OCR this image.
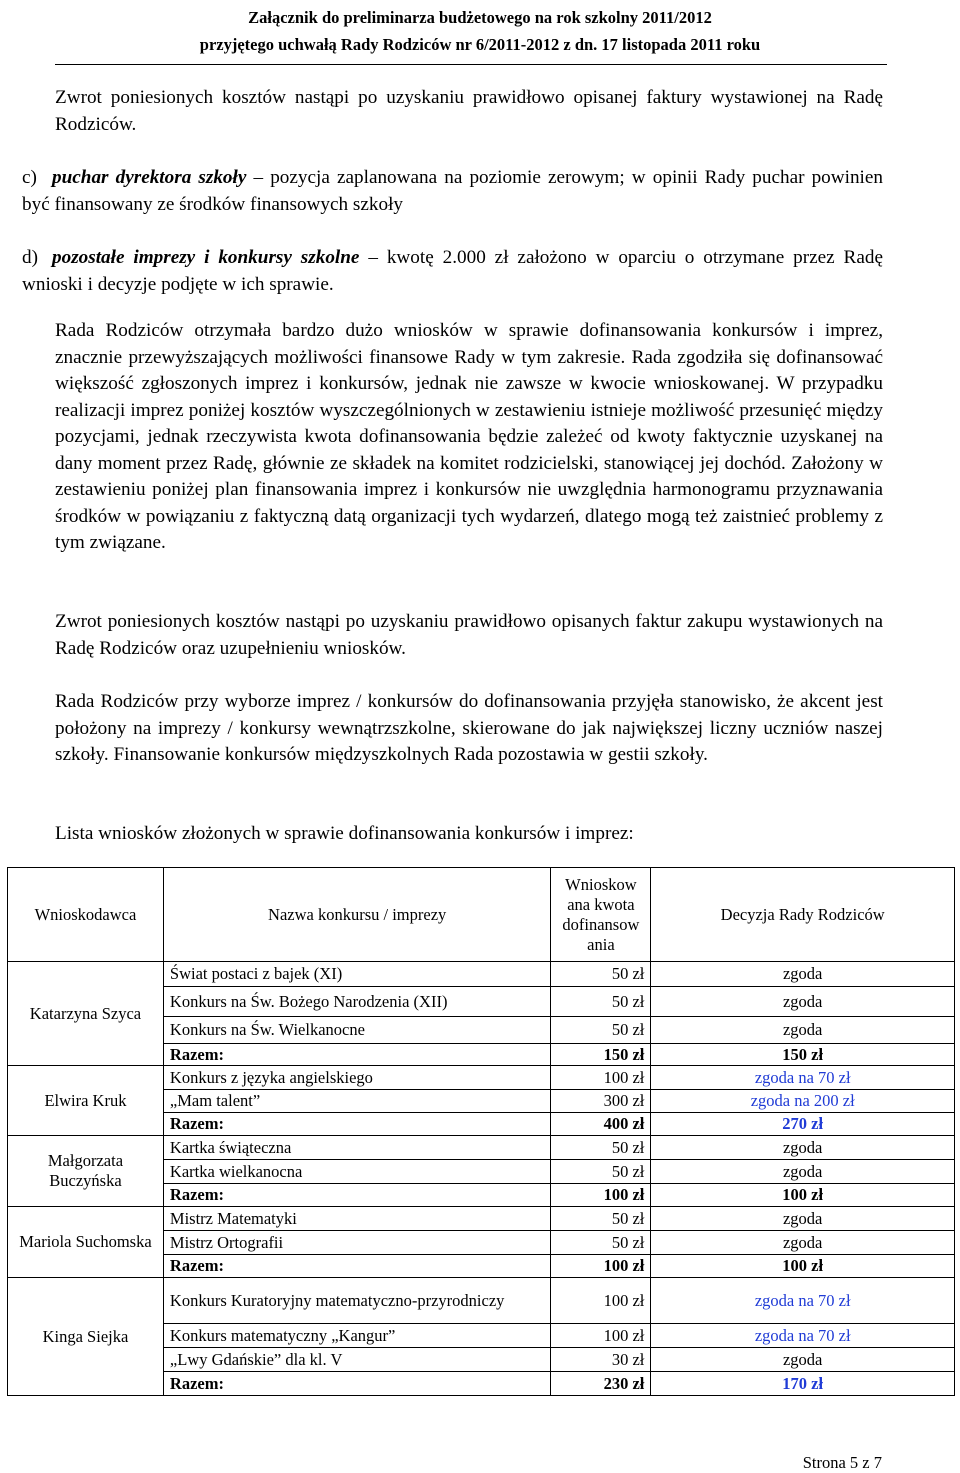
Załącznik do preliminarza budżetowego na rok szkolny 2011/2012
przyjętego uchwałą Rady Rodziców nr 6/2011-2012 z dn. 17 listopada 2011 roku

Zwrot poniesionych kosztów nastąpi po uzyskaniu prawidłowo opisanej faktury wystawionej na Radę Rodziców.

c) puchar dyrektora szkoły – pozycja zaplanowana na poziomie zerowym; w opinii Rady puchar powinien być finansowany ze środków finansowych szkoły

d) pozostałe imprezy i konkursy szkolne – kwotę 2.000 zł założono w oparciu o otrzymane przez Radę wnioski i decyzje podjęte w ich sprawie.

Rada Rodziców otrzymała bardzo dużo wniosków w sprawie dofinansowania konkursów i imprez, znacznie przewyższających możliwości finansowe Rady w tym zakresie. Rada zgodziła się dofinansować większość zgłoszonych imprez i konkursów, jednak nie zawsze w kwocie wnioskowanej. W przypadku realizacji imprez poniżej kosztów wyszczególnionych w zestawieniu istnieje możliwość przesunięć między pozycjami, jednak rzeczywista kwota dofinansowania będzie zależeć od kwoty faktycznie uzyskanej na dany moment przez Radę, głównie ze składek na komitet rodzicielski, stanowiącej jej dochód. Założony w zestawieniu poniżej plan finansowania imprez i konkursów nie uwzględnia harmonogramu przyznawania środków w powiązaniu z faktyczną datą organizacji tych wydarzeń, dlatego mogą też zaistnieć problemy z tym związane.

Zwrot poniesionych kosztów nastąpi po uzyskaniu prawidłowo opisanych faktur zakupu wystawionych na Radę Rodziców oraz uzupełnieniu wniosków.

Rada Rodziców przy wyborze imprez / konkursów do dofinansowania przyjęła stanowisko, że akcent jest położony na imprezy / konkursy wewnątrzszkolne, skierowane do jak największej liczny uczniów naszej szkoły. Finansowanie konkursów międzyszkolnych Rada pozostawia w gestii szkoły.

Lista wniosków złożonych w sprawie dofinansowania konkursów i imprez:

Wnioskodawca	Nazwa konkursu / imprezy	Wnioskow ana kwota dofinansow ania	Decyzja Rady Rodziców
Katarzyna Szyca	Świat postaci z bajek (XI)	50 zł	zgoda
	Konkurs na Św. Bożego Narodzenia (XII)	50 zł	zgoda
	Konkurs na Św. Wielkanocne	50 zł	zgoda
	Razem:	150 zł	150 zł
Elwira Kruk	Konkurs z języka angielskiego	100 zł	zgoda na 70 zł
	„Mam talent”	300 zł	zgoda na 200 zł
	Razem:	400 zł	270 zł
Małgorzata Buczyńska	Kartka świąteczna	50 zł	zgoda
	Kartka wielkanocna	50 zł	zgoda
	Razem:	100 zł	100 zł
Mariola Suchomska	Mistrz Matematyki	50 zł	zgoda
	Mistrz Ortografii	50 zł	zgoda
	Razem:	100 zł	100 zł
Kinga Siejka	Konkurs Kuratoryjny matematyczno-przyrodniczy	100 zł	zgoda na 70 zł
	Konkurs matematyczny „Kangur”	100 zł	zgoda na 70 zł
	„Lwy Gdańskie” dla kl. V	30 zł	zgoda
	Razem:	230 zł	170 zł
Strona 5 z 7
